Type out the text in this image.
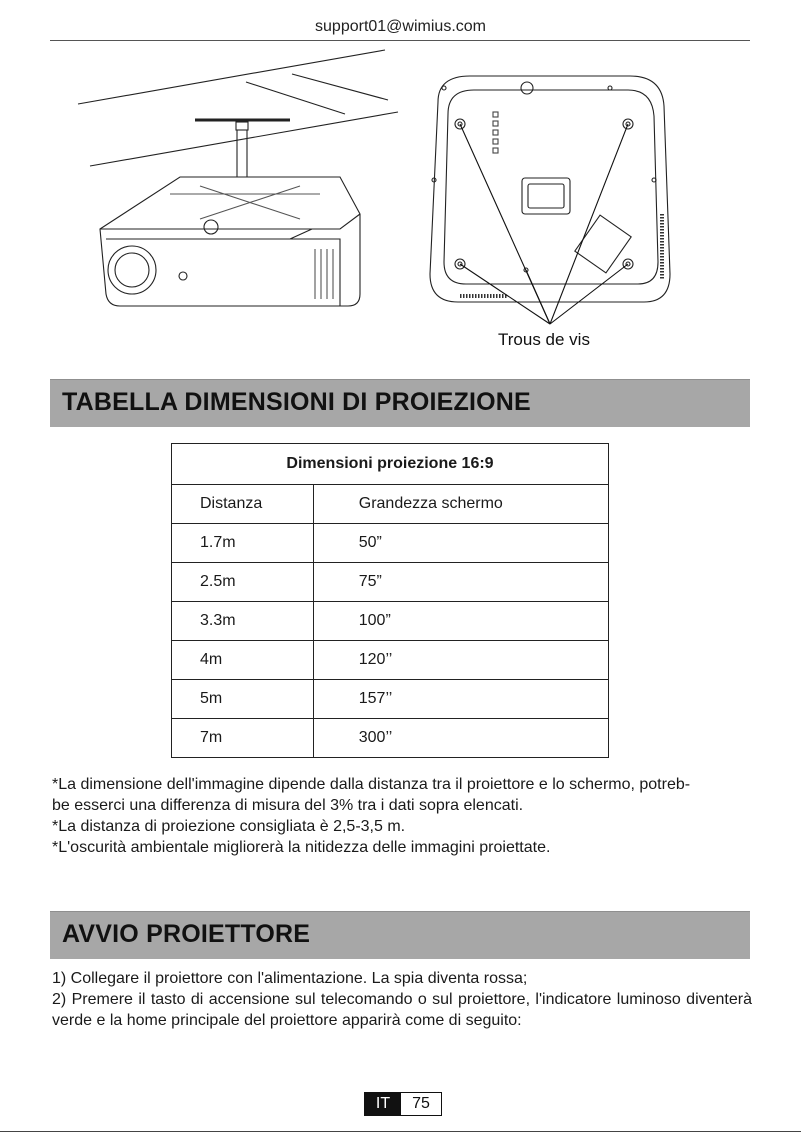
support01@wimius.com
Trous de vis
TABELLA DIMENSIONI DI PROIEZIONE
Dimensioni proiezione 16:9	
Distanza	Grandezza schermo
1.7m	50”
2.5m	75”
3.3m	100”
4m	120’’
5m	157’’
7m	300’’

*La dimensione dell'immagine dipende dalla distanza tra il proiettore e lo schermo, potreb-

be esserci una differenza di misura del 3% tra i dati sopra elencati.

*La distanza di proiezione consigliata è 2,5-3,5 m.

*L'oscurità ambientale migliorerà la nitidezza delle immagini proiettate.

AVVIO PROIETTORE

1) Collegare il proiettore con l'alimentazione. La spia diventa rossa;

2) Premere il tasto di accensione sul telecomando o sul proiettore, l'indicatore luminoso diventerà verde e la home principale del proiettore apparirà come di seguito:

IT	75
